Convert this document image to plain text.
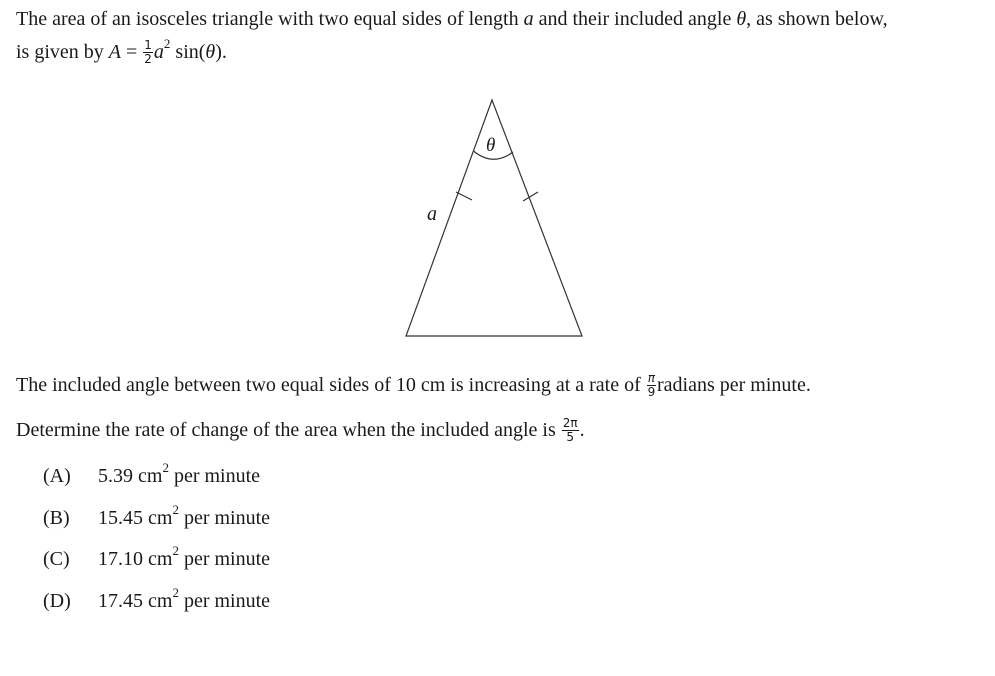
The area of an isosceles triangle with two equal sides of length a and their included angle θ, as shown below,
is given by $A = \frac{1}{2} a^2$ sin(θ).
θ
a
The included angle between two equal sides of 10 cm is increasing at a rate of $\frac{\pi}{9}$ radians per minute.
Determine the rate of change of the area when the included angle is $\frac{2\pi}{5}$ .
(A) 5.39 $cm^2$ per minute
(B) 15.45 $cm^2$ per minute
(C) 17.10 $cm^2$ per minute
(D) 17.45 $cm^2$ per minute
